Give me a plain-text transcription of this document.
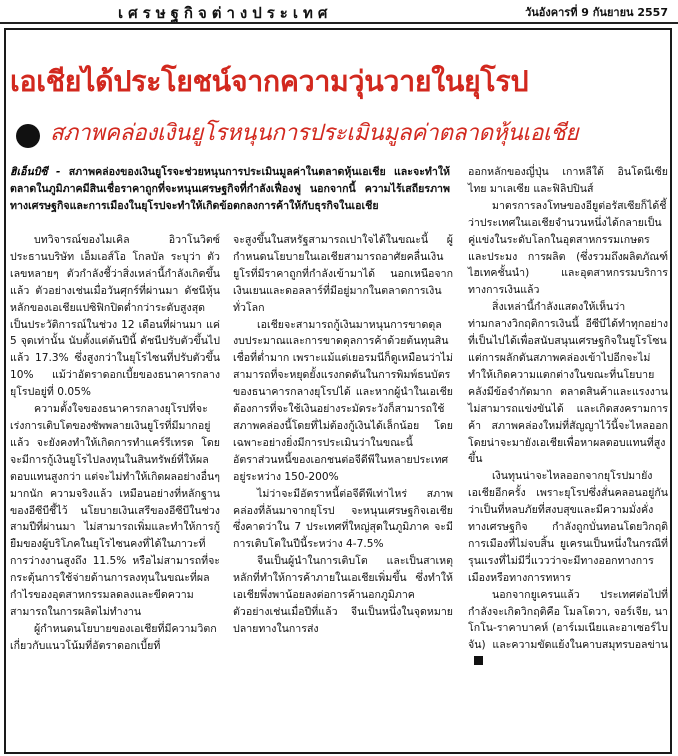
เศรษฐกิจต่างประเทศ	วันอังคารที่ 9 กันยายน 2557
เอเชียได้ประโยชน์จากความวุ่นวายในยุโรป
สภาพคล่องเงินยูโรหนุนการประเมินมูลค่าตลาดหุ้นเอเชีย

ฮิเอ็นบิซี - สภาพคล่องของเงินยูโรจะช่วยหนุนการประเมินมูลค่าในตลาดหุ้นเอเชีย และจะทำให้ตลาดในภูมิภาคมีสินเชื่อราคาถูกที่จะหนุนเศรษฐกิจที่กำลังเฟื่องฟู นอกจากนี้ ความไร้เสถียรภาพทางเศรษฐกิจและการเมืองในยุโรปจะทำให้เกิดข้อตกลงการค้าให้กับธุรกิจในเอเชีย

บทวิจารณ์ของไมเคิล อิวาโนวิตซ์ ประธานบริษัท เอ็มเอส์โอ โกลบัล ระบุว่า ตัวเลขหลายๆ ตัวกำลังชี้ว่าสิ่งเหล่านี้กำลังเกิดขึ้นแล้ว ตัวอย่างเช่นเมื่อวันศุกร์ที่ผ่านมา ดัชนีหุ้นหลักของเอเชียแปซิฟิกปิดต่ำกว่าระดับสูงสุดเป็นประวัติการณ์ในช่วง 12 เดือนที่ผ่านมา แค่ 5 จุดเท่านั้น นับตั้งแต่ต้นปีนี้ ดัชนีปรับตัวขึ้นไปแล้ว 17.3% ซึ่งสูงกว่าในยุโรไซนที่ปรับตัวขึ้น 10% แม้ว่าอัตราดอกเบี้ยของธนาคารกลางยุโรปอยู่ที่ 0.05%

ความตั้งใจของธนาคารกลางยุโรปที่จะเร่งการเติบโตของซัพพลายเงินยูโรที่มีมากอยู่แล้ว จะยังคงทำให้เกิดการทำแคร์รีเทรด โดยจะมีการกู้เงินยูโรไปลงทุนในสินทรัพย์ที่ให้ผลตอบแทนสูงกว่า แต่จะไม่ทำให้เกิดผลอย่างอื่นๆ มากนัก ความจริงแล้ว เหมือนอย่างที่หลักฐานของอีซีบีชี้ไว้ นโยบายเงินเสรีของอีซีบีในช่วงสามปีที่ผ่านมา ไม่สามารถเพิ่มและทำให้การกู้ยืมของผู้บริโภคในยุโรไซนคงที่ได้ในภาวะที่การว่างงานสูงถึง 11.5% หรือไม่สามารถที่จะกระตุ้นการใช้จ่ายด้านการลงทุนในขณะที่ผลกำไรของอุตสาหกรรมลดลงและขีดความสามารถในการผลิตไม่ทำงาน

ผู้กำหนดนโยบายของเอเชียที่มีความวิตกเกี่ยวกับแนวโน้มที่อัตราดอกเบี้ยที่

จะสูงขึ้นในสหรัฐสามารถเปาใจได้ในขณะนี้ ผู้กำหนดนโยบายในเอเชียสามารถอาศัยคลื่นเงินยูโรที่มีราคาถูกที่กำลังเข้ามาได้ นอกเหนือจากเงินเยนและดอลลาร์ที่มีอยู่มากในตลาดการเงินทั่วโลก

เอเชียจะสามารถกู้เงินมาหนุนการขาดดุลงบประมาณและการขาดดุลการค้าด้วยต้นทุนสินเชื่อที่ต่ำมาก เพราะแม้แต่เยอรมนีก็ดูเหมือนว่าไม่สามารถที่จะหยุดยั้งแรงกดดันในการพิมพ์ธนบัตรของธนาคารกลางยุโรปได้ และหากผู้นำในเอเชียต้องการที่จะใช้เงินอย่างระมัดระวังก็สามารถใช้สภาพคล่องนี้โดยที่ไม่ต้องกู้เงินได้เล็กน้อย โดยเฉพาะอย่างยิ่งมีการประเมินว่าในขณะนี้อัตราส่วนหนี้ของเอกชนต่อจีดีพีในหลายประเทศอยู่ระหว่าง 150-200%

ไม่ว่าจะมีอัตราหนี้ต่อจีดีพีเท่าไหร่ สภาพคล่องที่ล้นมาจากยุโรป จะหนุนเศรษฐกิจเอเชีย ซึ่งคาดว่าใน 7 ประเทศที่ใหญ่สุดในภูมิภาค จะมีการเติบโตในปีนี้ระหว่าง 4-7.5%

จีนเป็นผู้นำในการเติบโต และเป็นสาเหตุหลักที่ทำให้การค้าภายในเอเชียเพิ่มขึ้น ซึ่งทำให้เอเชียพึ่งพาน้อยลงต่อการค้านอกภูมิภาค ตัวอย่างเช่นเมื่อปีที่แล้ว จีนเป็นหนึ่งในจุดหมายปลายทางในการส่ง

ออกหลักของญี่ปุ่น เกาหลีใต้ อินโดนีเซีย ไทย มาเลเซีย และฟิลิปปินส์

มาตรการลงโทษของอียูต่อรัสเซียก็ได้ชี้ว่าประเทศในเอเชียจำนวนหนึ่งได้กลายเป็นคู่แข่งในระดับโลกในอุตสาหกรรมเกษตรและประมง การผลิต (ซึ่งรวมถึงผลิตภัณฑ์ไฮเทคชั้นนำ) และอุตสาหกรรมบริการทางการเงินแล้ว

สิ่งเหล่านี้กำลังแสดงให้เห็นว่า ท่ามกลางวิกฤติการเงินนี้ อีซีบีได้ทำทุกอย่างที่เป็นไปได้เพื่อสนับสนุนเศรษฐกิจในยูโรโซน แต่การผลักดันสภาพคล่องเข้าไปอีกจะไม่ทำให้เกิดความแตกต่างในขณะที่นโยบายคลังมีข้อจำกัดมาก ตลาดสินค้าและแรงงานไม่สามารถแข่งขันได้ และเกิดสงครามการค้า สภาพคล่องใหม่ที่สัญญาไว้นี้จะไหลออก โดยน่าจะมายังเอเชียเพื่อหาผลตอบแทนที่สูงขึ้น

เงินทุนน่าจะไหลออกจากยุโรปมายังเอเชียอีกครั้ง เพราะยุโรปซึ่งสั่นคลอนอยู่กันว่าเป็นที่หลบภัยที่สงบสุขและมีความมั่งคั่งทางเศรษฐกิจ กำลังถูกบั่นทอนโดยวิกฤติการเมืองที่ไม่จบสิ้น ยูเครนเป็นหนึ่งในกรณีที่รุนแรงที่ไม่มีวี่แววว่าจะมีทางออกทางการเมืองหรือทางการทหาร

นอกจากยูเครนแล้ว ประเทศต่อไปที่กำลังจะเกิดวิกฤติคือ โมลโดวา, จอร์เจีย, นาโกโน-ราคาบาคห์ (อาร์เมเนียและอาเซอร์ไบจัน) และความขัดแย้งในคาบสมุทรบอลข่าน
